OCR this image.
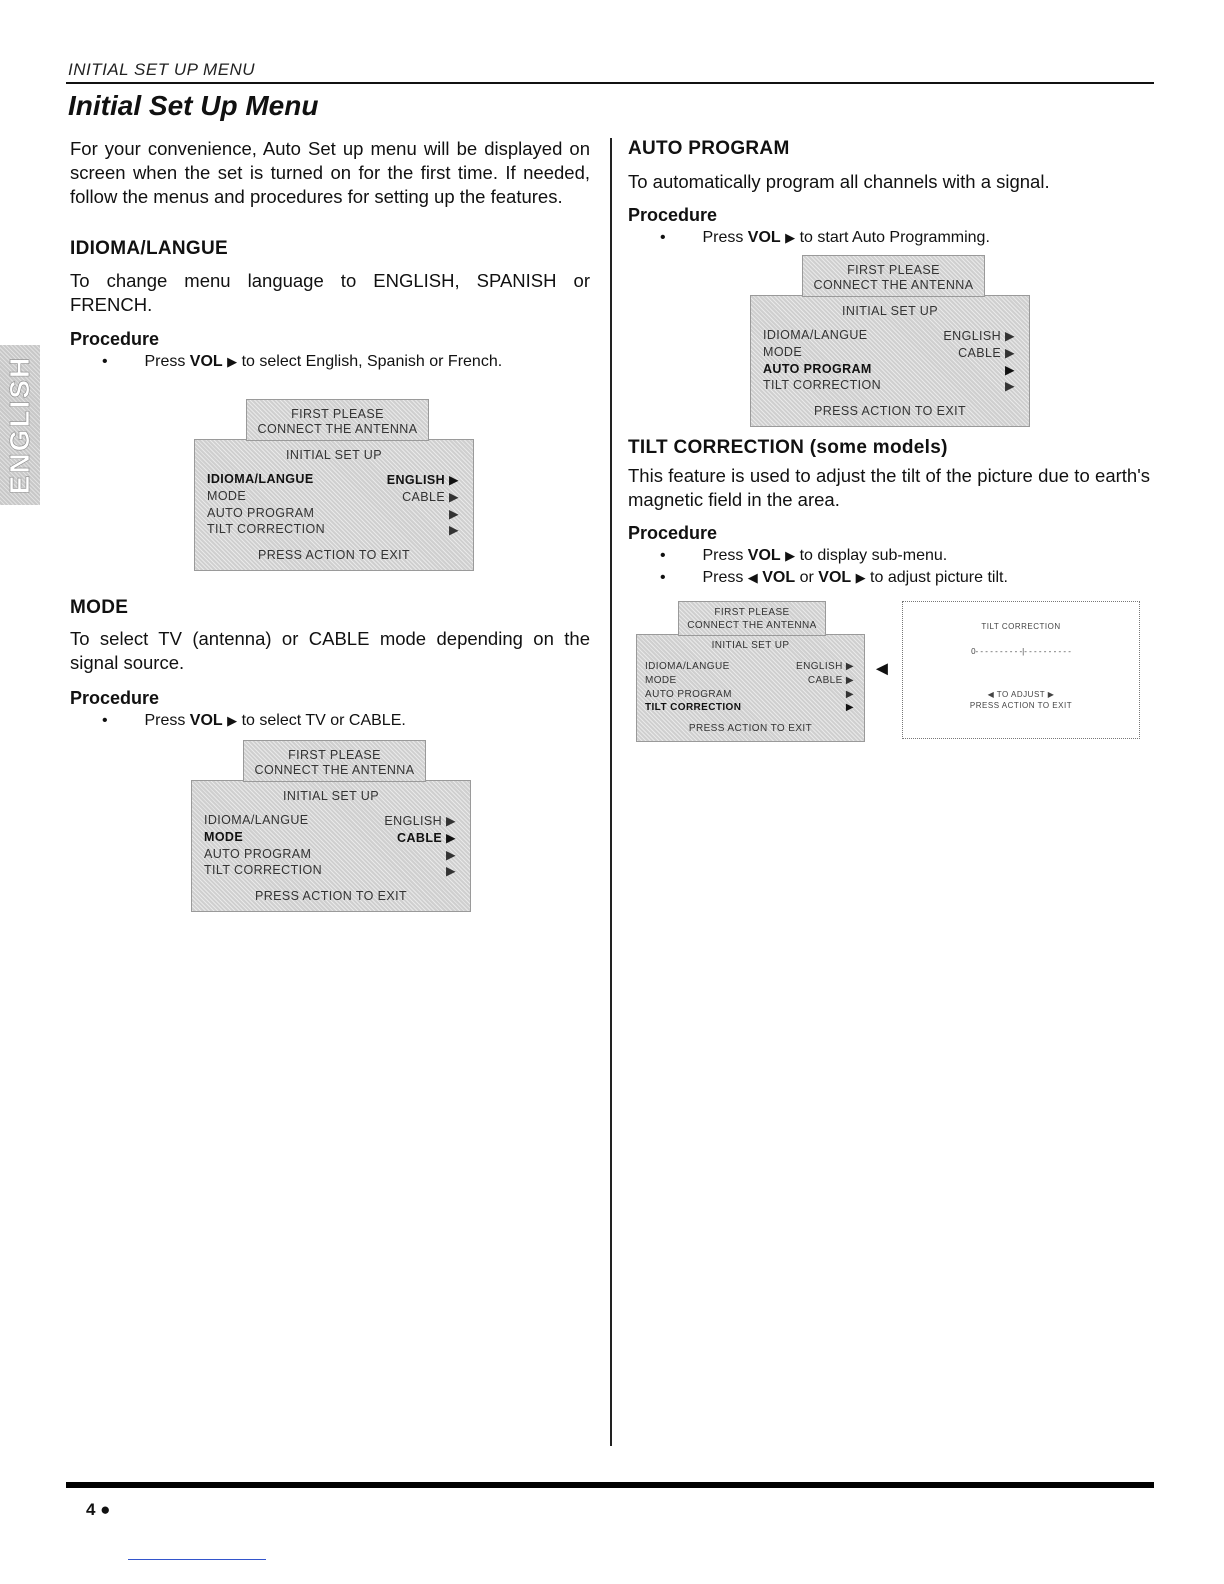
INITIAL SET UP MENU
Initial Set Up Menu
ENGLISH
For your convenience, Auto Set up menu will be displayed on screen when the set is turned on for the first time. If needed, follow the menus and procedures for setting up the features.
IDIOMA/LANGUE
To change menu language to ENGLISH, SPANISH or FRENCH.
Procedure
• Press VOL ▶ to select English, Spanish or French.
FIRST PLEASE
CONNECT THE ANTENNA
INITIAL SET UP
IDIOMA/LANGUE	ENGLISH ▶
MODE	CABLE ▶
AUTO PROGRAM	▶
TILT CORRECTION	▶
PRESS ACTION TO EXIT
MODE
To select TV (antenna) or CABLE mode depending on the signal source.
Procedure
• Press VOL ▶ to select TV or CABLE.
FIRST PLEASE
CONNECT THE ANTENNA
INITIAL SET UP
IDIOMA/LANGUE	ENGLISH ▶
MODE	CABLE ▶
AUTO PROGRAM	▶
TILT CORRECTION	▶
PRESS ACTION TO EXIT
AUTO PROGRAM
To automatically program all channels with a signal.
Procedure
• Press VOL ▶ to start Auto Programming.
FIRST PLEASE
CONNECT THE ANTENNA
INITIAL SET UP
IDIOMA/LANGUE	ENGLISH ▶
MODE	CABLE ▶
AUTO PROGRAM	▶
TILT CORRECTION	▶
PRESS ACTION TO EXIT
TILT CORRECTION (some models)
This feature is used to adjust the tilt of the picture due to earth's magnetic field in the area.
Procedure
• Press VOL ▶ to display sub-menu.
• Press ◀ VOL or VOL ▶ to adjust picture tilt.
FIRST PLEASE
CONNECT THE ANTENNA
INITIAL SET UP
IDIOMA/LANGUE	ENGLISH ▶
MODE	CABLE ▶
AUTO PROGRAM	▶
TILT CORRECTION	▶
PRESS ACTION TO EXIT
◄
TILT CORRECTION
0- - - - - - - - - -|- - - - - - - - - -
◀ TO ADJUST ▶
PRESS ACTION TO EXIT
4 ●
